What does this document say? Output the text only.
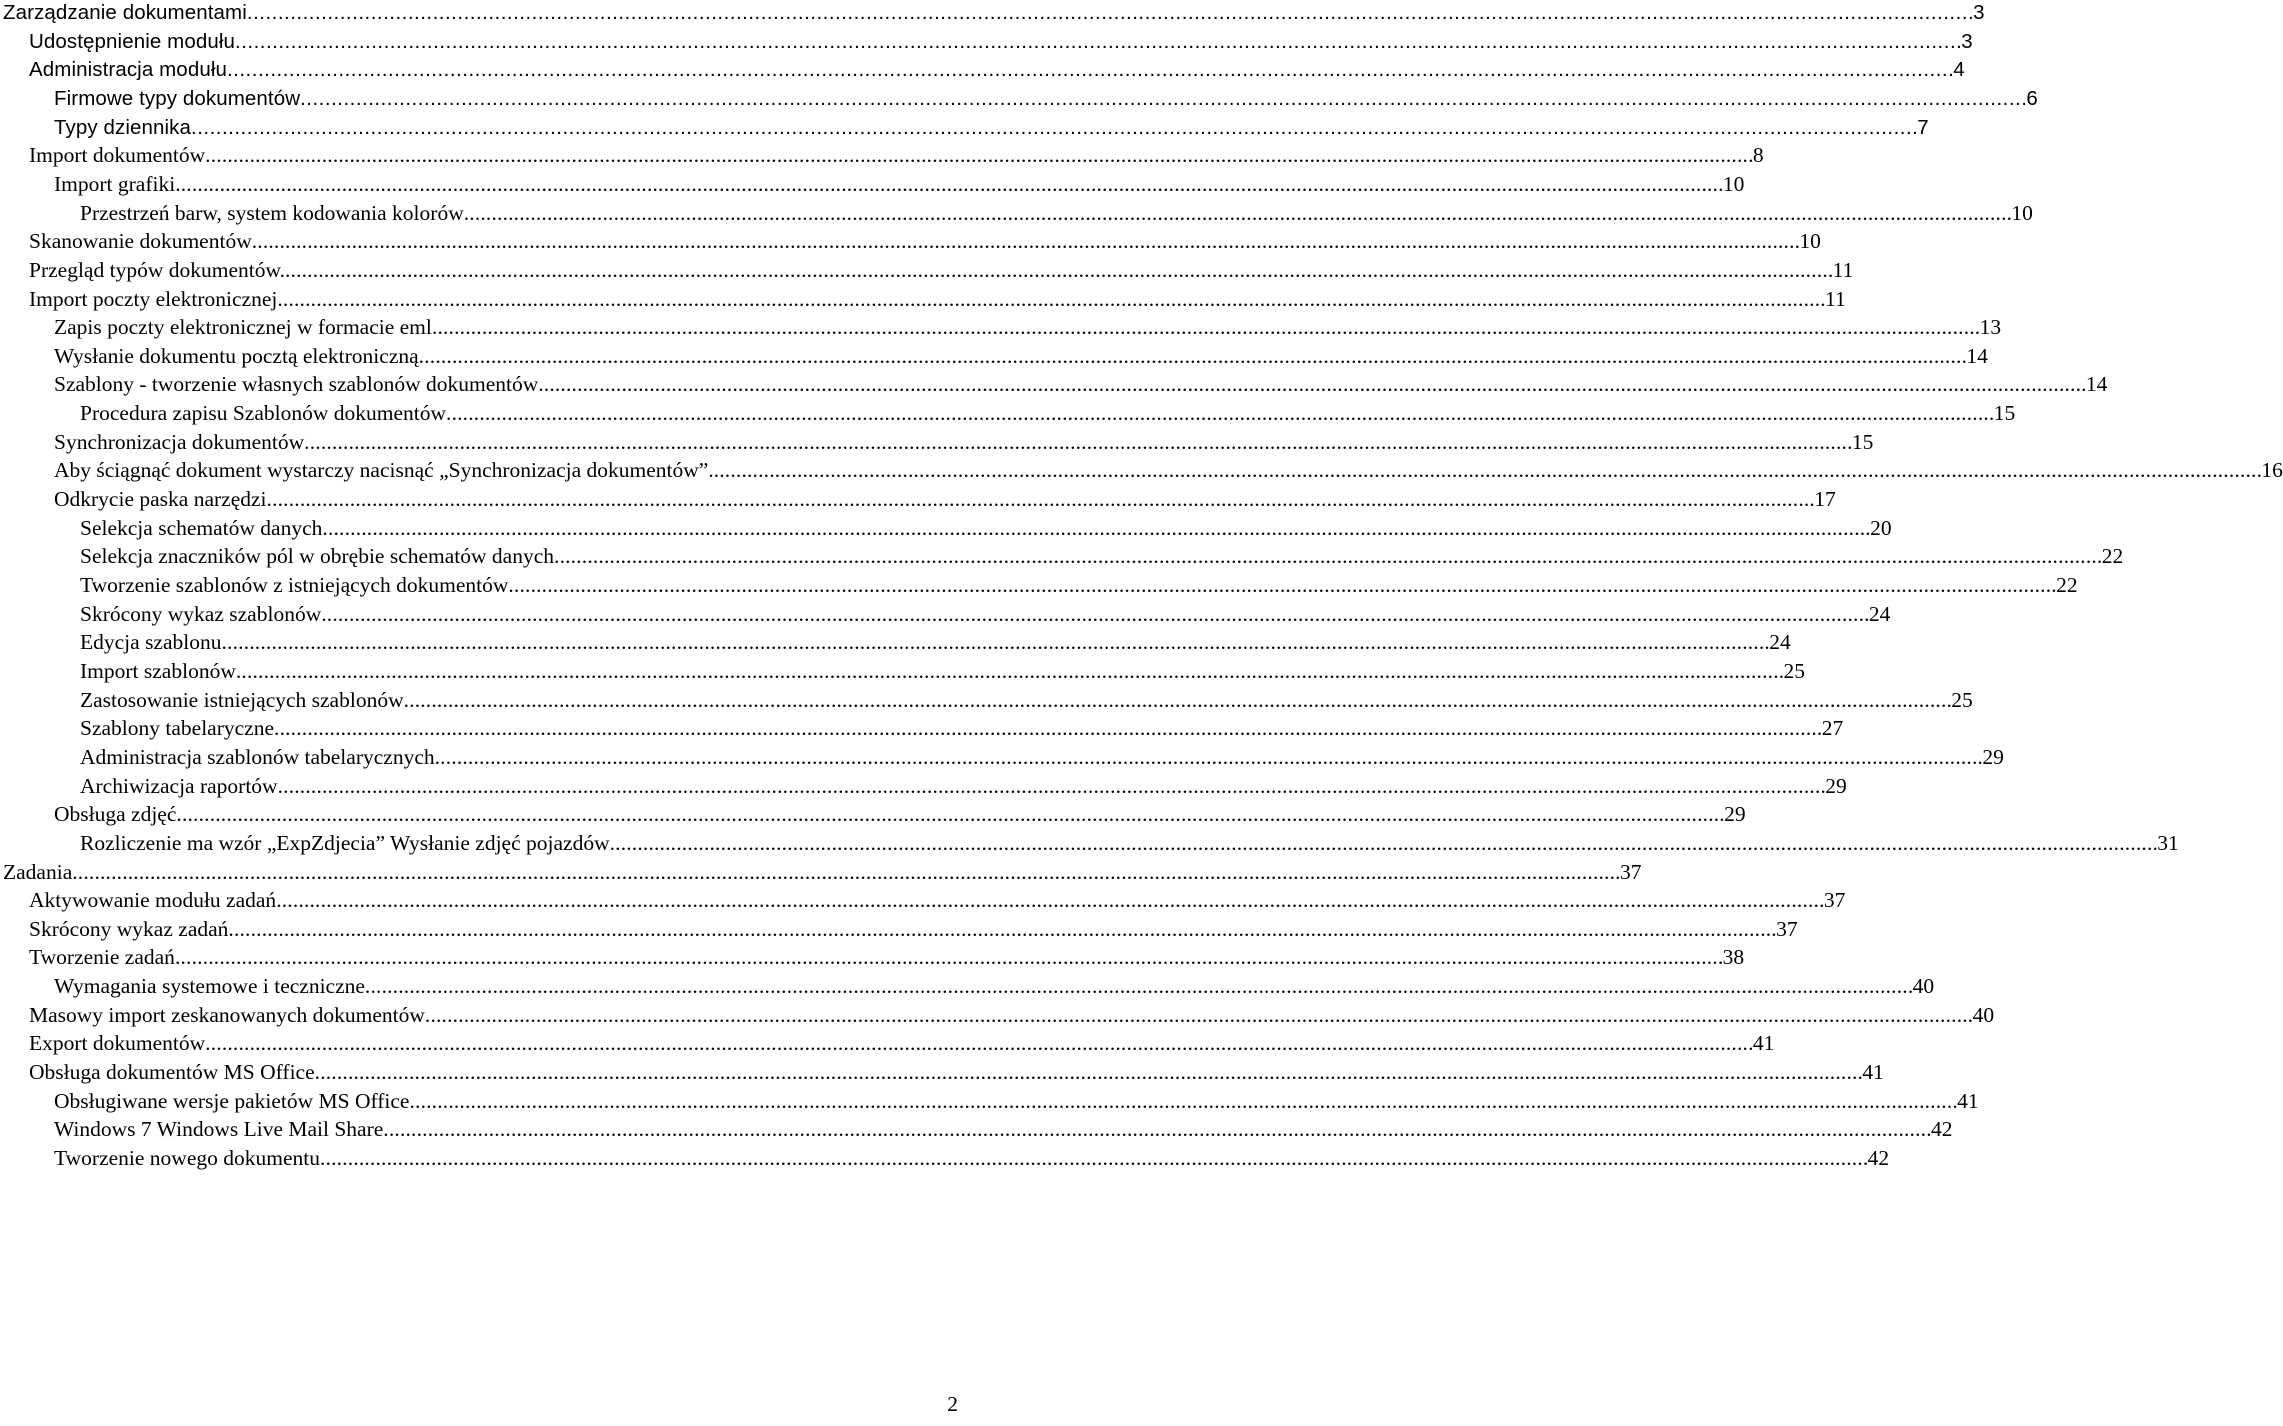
Zarządzanie dokumentami . . .	3
Udostępnienie modułu . . .	3
Administracja modułu . . .	4
Firmowe typy dokumentów . . .	6
Typy dziennika . . .	7
Import dokumentów . . .	8
Import grafiki . . .	10
Przestrzeń barw, system kodowania kolorów . . .	10
Skanowanie dokumentów . . .	10
Przegląd typów dokumentów. . . .	11
Import poczty elektronicznej . . .	11
Zapis poczty elektronicznej w formacie eml . . .	13
Wysłanie dokumentu pocztą elektroniczną . . .	14
Szablony - tworzenie własnych szablonów dokumentów . . .	14
Procedura zapisu Szablonów dokumentów . . .	15
Synchronizacja dokumentów . . .	15
Aby ściągnąć dokument wystarczy nacisnąć „Synchronizacja dokumentów”. . . .	16
Odkrycie paska narzędzi . . .	17
Selekcja schematów danych . . .	20
Selekcja znaczników pól w obrębie schematów danych . . .	22
Tworzenie szablonów z istniejących dokumentów . . .	22
Skrócony wykaz szablonów . . .	24
Edycja szablonu . . .	24
Import szablonów . . .	25
Zastosowanie istniejących szablonów . . .	25
Szablony tabelaryczne . . .	27
Administracja szablonów tabelarycznych . . .	29
Archiwizacja raportów . . .	29
Obsługa zdjęć . . .	29
Rozliczenie ma wzór „ExpZdjecia” Wysłanie zdjęć pojazdów . . .	31
Zadania . . .	37
Aktywowanie modułu zadań . . .	37
Skrócony wykaz zadań . . .	37
Tworzenie zadań . . .	38
Wymagania systemowe i teczniczne . . .	40
Masowy import zeskanowanych dokumentów . . .	40
Export dokumentów . . .	41
Obsługa dokumentów MS Office . . .	41
Obsługiwane wersje pakietów MS Office . . .	41
Windows 7 Windows Live Mail Share . . .	42
Tworzenie nowego dokumentu . . .	42
2
